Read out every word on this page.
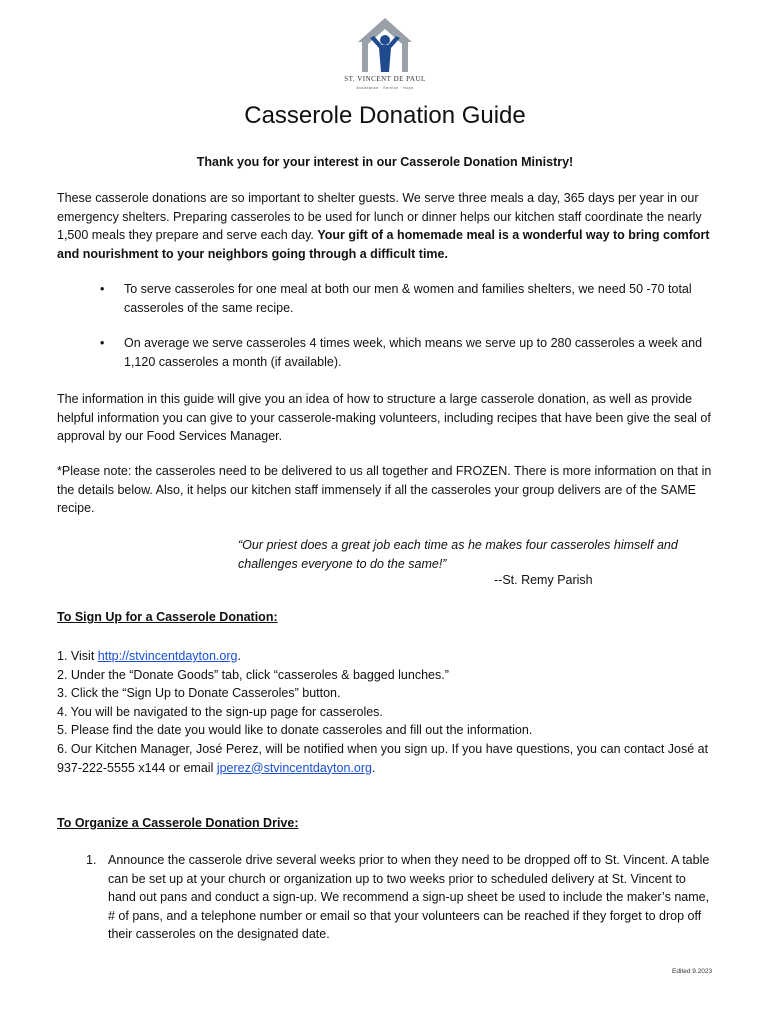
ST. VINCENT DE PAUL
Assistance · Service · Hope
Casserole Donation Guide
Thank you for your interest in our Casserole Donation Ministry!
These casserole donations are so important to shelter guests. We serve three meals a day, 365 days per year in our emergency shelters. Preparing casseroles to be used for lunch or dinner helps our kitchen staff coordinate the nearly 1,500 meals they prepare and serve each day. Your gift of a homemade meal is a wonderful way to bring comfort and nourishment to your neighbors going through a difficult time.
• To serve casseroles for one meal at both our men & women and families shelters, we need 50 -70 total casseroles of the same recipe.
• On average we serve casseroles 4 times week, which means we serve up to 280 casseroles a week and 1,120 casseroles a month (if available).
The information in this guide will give you an idea of how to structure a large casserole donation, as well as provide helpful information you can give to your casserole-making volunteers, including recipes that have been give the seal of approval by our Food Services Manager.
*Please note: the casseroles need to be delivered to us all together and FROZEN. There is more information on that in the details below. Also, it helps our kitchen staff immensely if all the casseroles your group delivers are of the SAME recipe.
“Our priest does a great job each time as he makes four casseroles himself and challenges everyone to do the same!”
--St. Remy Parish
To Sign Up for a Casserole Donation:
1. Visit http://stvincentdayton.org.
2. Under the “Donate Goods” tab, click “casseroles & bagged lunches.”
3. Click the “Sign Up to Donate Casseroles” button.
4. You will be navigated to the sign-up page for casseroles.
5. Please find the date you would like to donate casseroles and fill out the information.
6. Our Kitchen Manager, José Perez, will be notified when you sign up. If you have questions, you can contact José at 937-222-5555 x144 or email jperez@stvincentdayton.org.
To Organize a Casserole Donation Drive:
1. Announce the casserole drive several weeks prior to when they need to be dropped off to St. Vincent. A table can be set up at your church or organization up to two weeks prior to scheduled delivery at St. Vincent to hand out pans and conduct a sign-up. We recommend a sign-up sheet be used to include the maker’s name, # of pans, and a telephone number or email so that your volunteers can be reached if they forget to drop off their casseroles on the designated date.
Edited 9.2023
